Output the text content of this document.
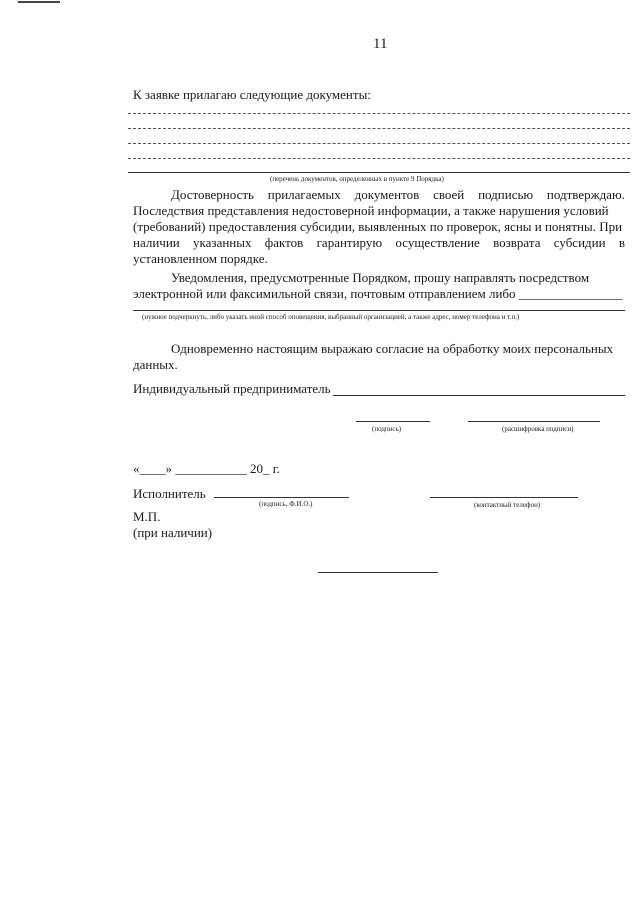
11
К заявке прилагаю следующие документы:
(перечень документов, определенных в пункте 9 Порядка)
Достоверность прилагаемых документов своей подписью подтверждаю.
Последствия представления недостоверной информации, а также нарушения условий
(требований) предоставления субсидии, выявленных по проверок, ясны и понятны. При
наличии указанных фактов гарантирую осуществление возврата субсидии в
установленном порядке.
Уведомления, предусмотренные Порядком, прошу направлять посредством
электронной или факсимильной связи, почтовым отправлением либо ________________
(нужное подчеркнуть, либо указать иной способ оповещения, выбранный организацией, а также адрес, номер телефона и т.п.)
Одновременно настоящим выражаю согласие на обработку моих персональных
данных.
Индивидуальный предприниматель
(подпись)	(расшифровка подписи)
«____» ___________ 20_ г.
Исполнитель
(подпись, Ф.И.О.)	(контактный телефон)
М.П.
(при наличии)
